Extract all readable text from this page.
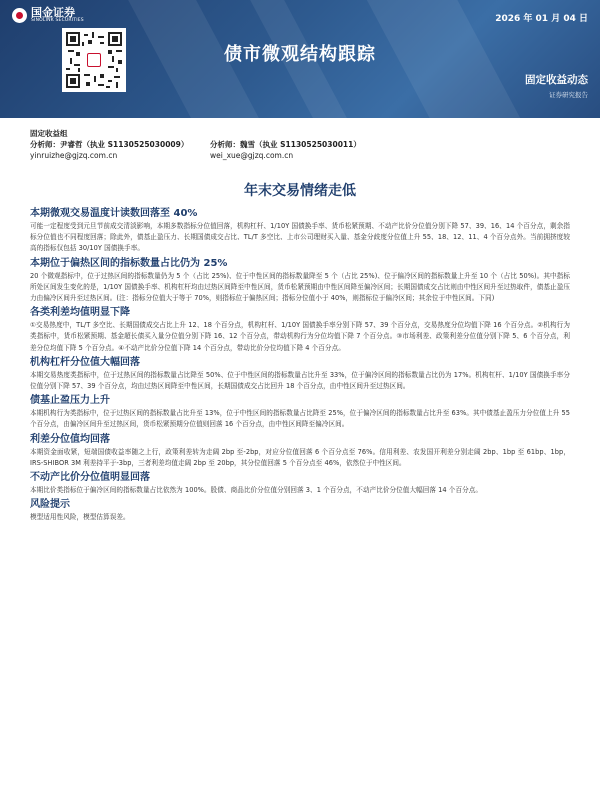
国金证券
SINOLINK SECURITIES	2026 年 01 月 04 日
债市微观结构跟踪
固定收益动态
证券研究报告
固定收益组
分析师：尹睿哲（执业 S1130525030009）
yinruizhe@gjzq.com.cn
分析师：魏雪（执业 S1130525030011）
wei_xue@gjzq.com.cn
年末交易情绪走低
本期微观交易温度计读数回落至 40%
可能一定程度受到元旦节前成交清淡影响，本期多数指标分位值回落，机构杠杆、1/10Y 国债换手率、货币松紧预期、不动产比价分位值分别下降 57、39、16、14 个百分点，剩余指标分位值也不同程度回落；除此外，债基止盈压力、长期国债成交占比、TL/T 多空比、上市公司理财买入量、基金分歧度分位值上升 55、18、12、11、4 个百分点外。当前拥挤度较高的指标仅包括 30/10Y 国债换手率。
本期位于偏热区间的指标数量占比仍为 25%
20 个微观指标中，位于过热区间的指标数量仍为 5 个（占比 25%)、位于中性区间的指标数量降至 5 个（占比 25%)、位于偏冷区间的指标数量上升至 10 个（占比 50%)。其中指标所处区间发生变化的是，1/10Y 国债换手率、机构杠杆均由过热区间降至中性区间，货币松紧预期由中性区间降至偏冷区间；长期国债成交占比则由中性区间升至过热取件，债基止盈压力由偏冷区间升至过热区间。(注：指标分位值大于等于 70%，则指标位于偏热区间；指标分位值小于 40%，则指标位于偏冷区间；其余位于中性区间。下同)
各类利差均值明显下降
①交易热度中，TL/T 多空比、长期国债成交占比上升 12、18 个百分点，机构杠杆、1/10Y 国债换手率分别下降 57、39 个百分点，交易热度分位均值下降 16 个百分点。②机构行为类指标中，货币松紧预期、基金超长债买入量分位值分别下降 16、12 个百分点，带动机构行为分位均值下降 7 个百分点。③市场利差、政策利差分位值分别下降 5、6 个百分点，利差分位均值下降 5 个百分点。④不动产比价分位值下降 14 个百分点，带动比价分位均值下降 4 个百分点。
机构杠杆分位值大幅回落
本期交易热度类指标中，位于过热区间的指标数量占比降至 50%、位于中性区间的指标数量占比升至 33%，位于偏冷区间的指标数量占比仍为 17%。机构杠杆、1/10Y 国债换手率分位值分别下降 57、39 个百分点，均由过热区间降至中性区间，长期国债成交占比回升 18 个百分点，由中性区间升至过热区间。
债基止盈压力上升
本期机构行为类指标中，位于过热区间的指标数量占比升至 13%，位于中性区间的指标数量占比降至 25%，位于偏冷区间的指标数量占比升至 63%。其中债基止盈压力分位值上升 55 个百分点，由偏冷区间升至过热区间，货币松紧预期分位值则回落 16 个百分点，由中性区间降至偏冷区间。
利差分位值均回落
本期资金面收紧，短端国债收益率随之上行，政策利差转为走阔 2bp 至-2bp，对应分位值回落 6 个百分点至 76%。信用利差、农发国开利差分别走阔 2bp、1bp 至 61bp、1bp，IRS-SHIBOR 3M 利差持平于-3bp，三者利差均值走阔 2bp 至 20bp，其分位值回落 5 个百分点至 46%，依然位于中性区间。
不动产比价分位值明显回落
本期比价类指标位于偏冷区间的指标数量占比依然为 100%。股债、商品比价分位值分别回落 3、1 个百分点，不动产比价分位值大幅回落 14 个百分点。
风险提示
模型适用性风险，模型估算误差。
